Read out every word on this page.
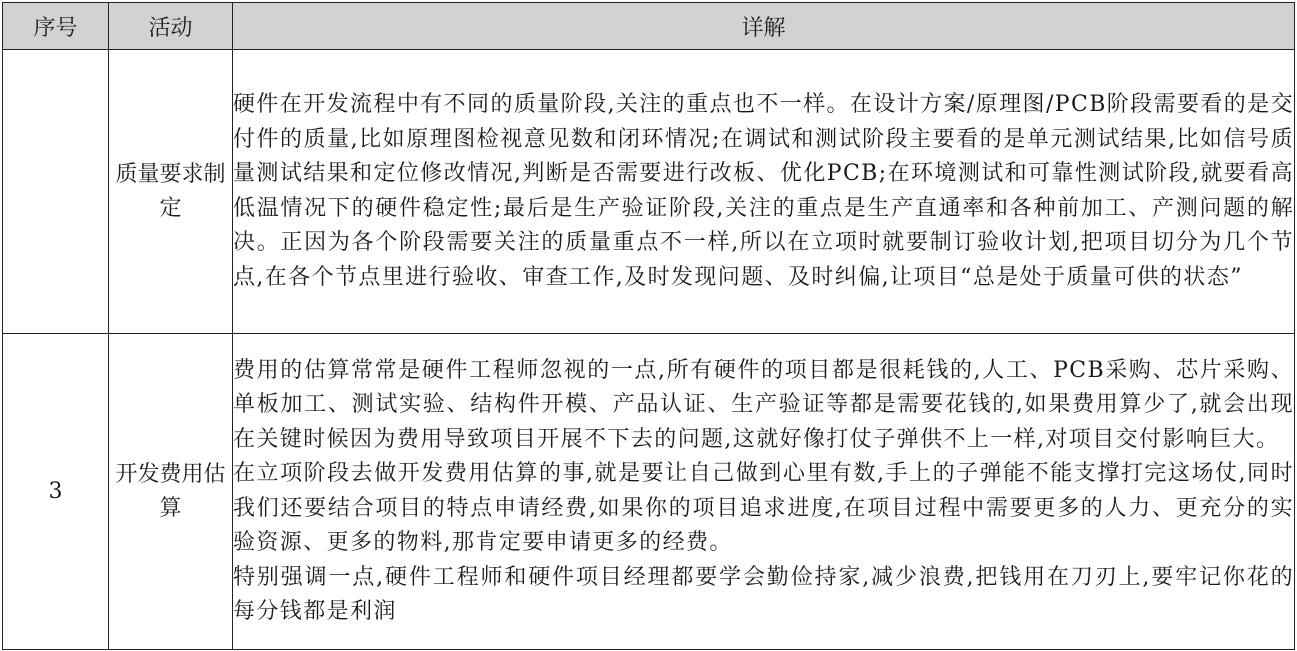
序号	活动	详解

	质量要求制定	硬件在开发流程中有不同的质量阶段,关注的重点也不一样。在设计方案/原理图/PCB阶段需要看的是交付件的质量,比如原理图检视意见数和闭环情况;在调试和测试阶段主要看的是单元测试结果,比如信号质量测试结果和定位修改情况,判断是否需要进行改板、优化PCB;在环境测试和可靠性测试阶段,就要看高低温情况下的硬件稳定性;最后是生产验证阶段,关注的重点是生产直通率和各种前加工、产测问题的解决。正因为各个阶段需要关注的质量重点不一样,所以在立项时就要制订验收计划,把项目切分为几个节点,在各个节点里进行验收、审查工作,及时发现问题、及时纠偏,让项目“总是处于质量可供的状态”

3	开发费用估算	费用的估算常常是硬件工程师忽视的一点,所有硬件的项目都是很耗钱的,人工、PCB采购、芯片采购、单板加工、测试实验、结构件开模、产品认证、生产验证等都是需要花钱的,如果费用算少了,就会出现在关键时候因为费用导致项目开展不下去的问题,这就好像打仗子弹供不上一样,对项目交付影响巨大。

在立项阶段去做开发费用估算的事,就是要让自己做到心里有数,手上的子弹能不能支撑打完这场仗,同时我们还要结合项目的特点申请经费,如果你的项目追求进度,在项目过程中需要更多的人力、更充分的实验资源、更多的物料,那肯定要申请更多的经费。

特别强调一点,硬件工程师和硬件项目经理都要学会勤俭持家,减少浪费,把钱用在刀刃上,要牢记你花的每分钱都是利润
